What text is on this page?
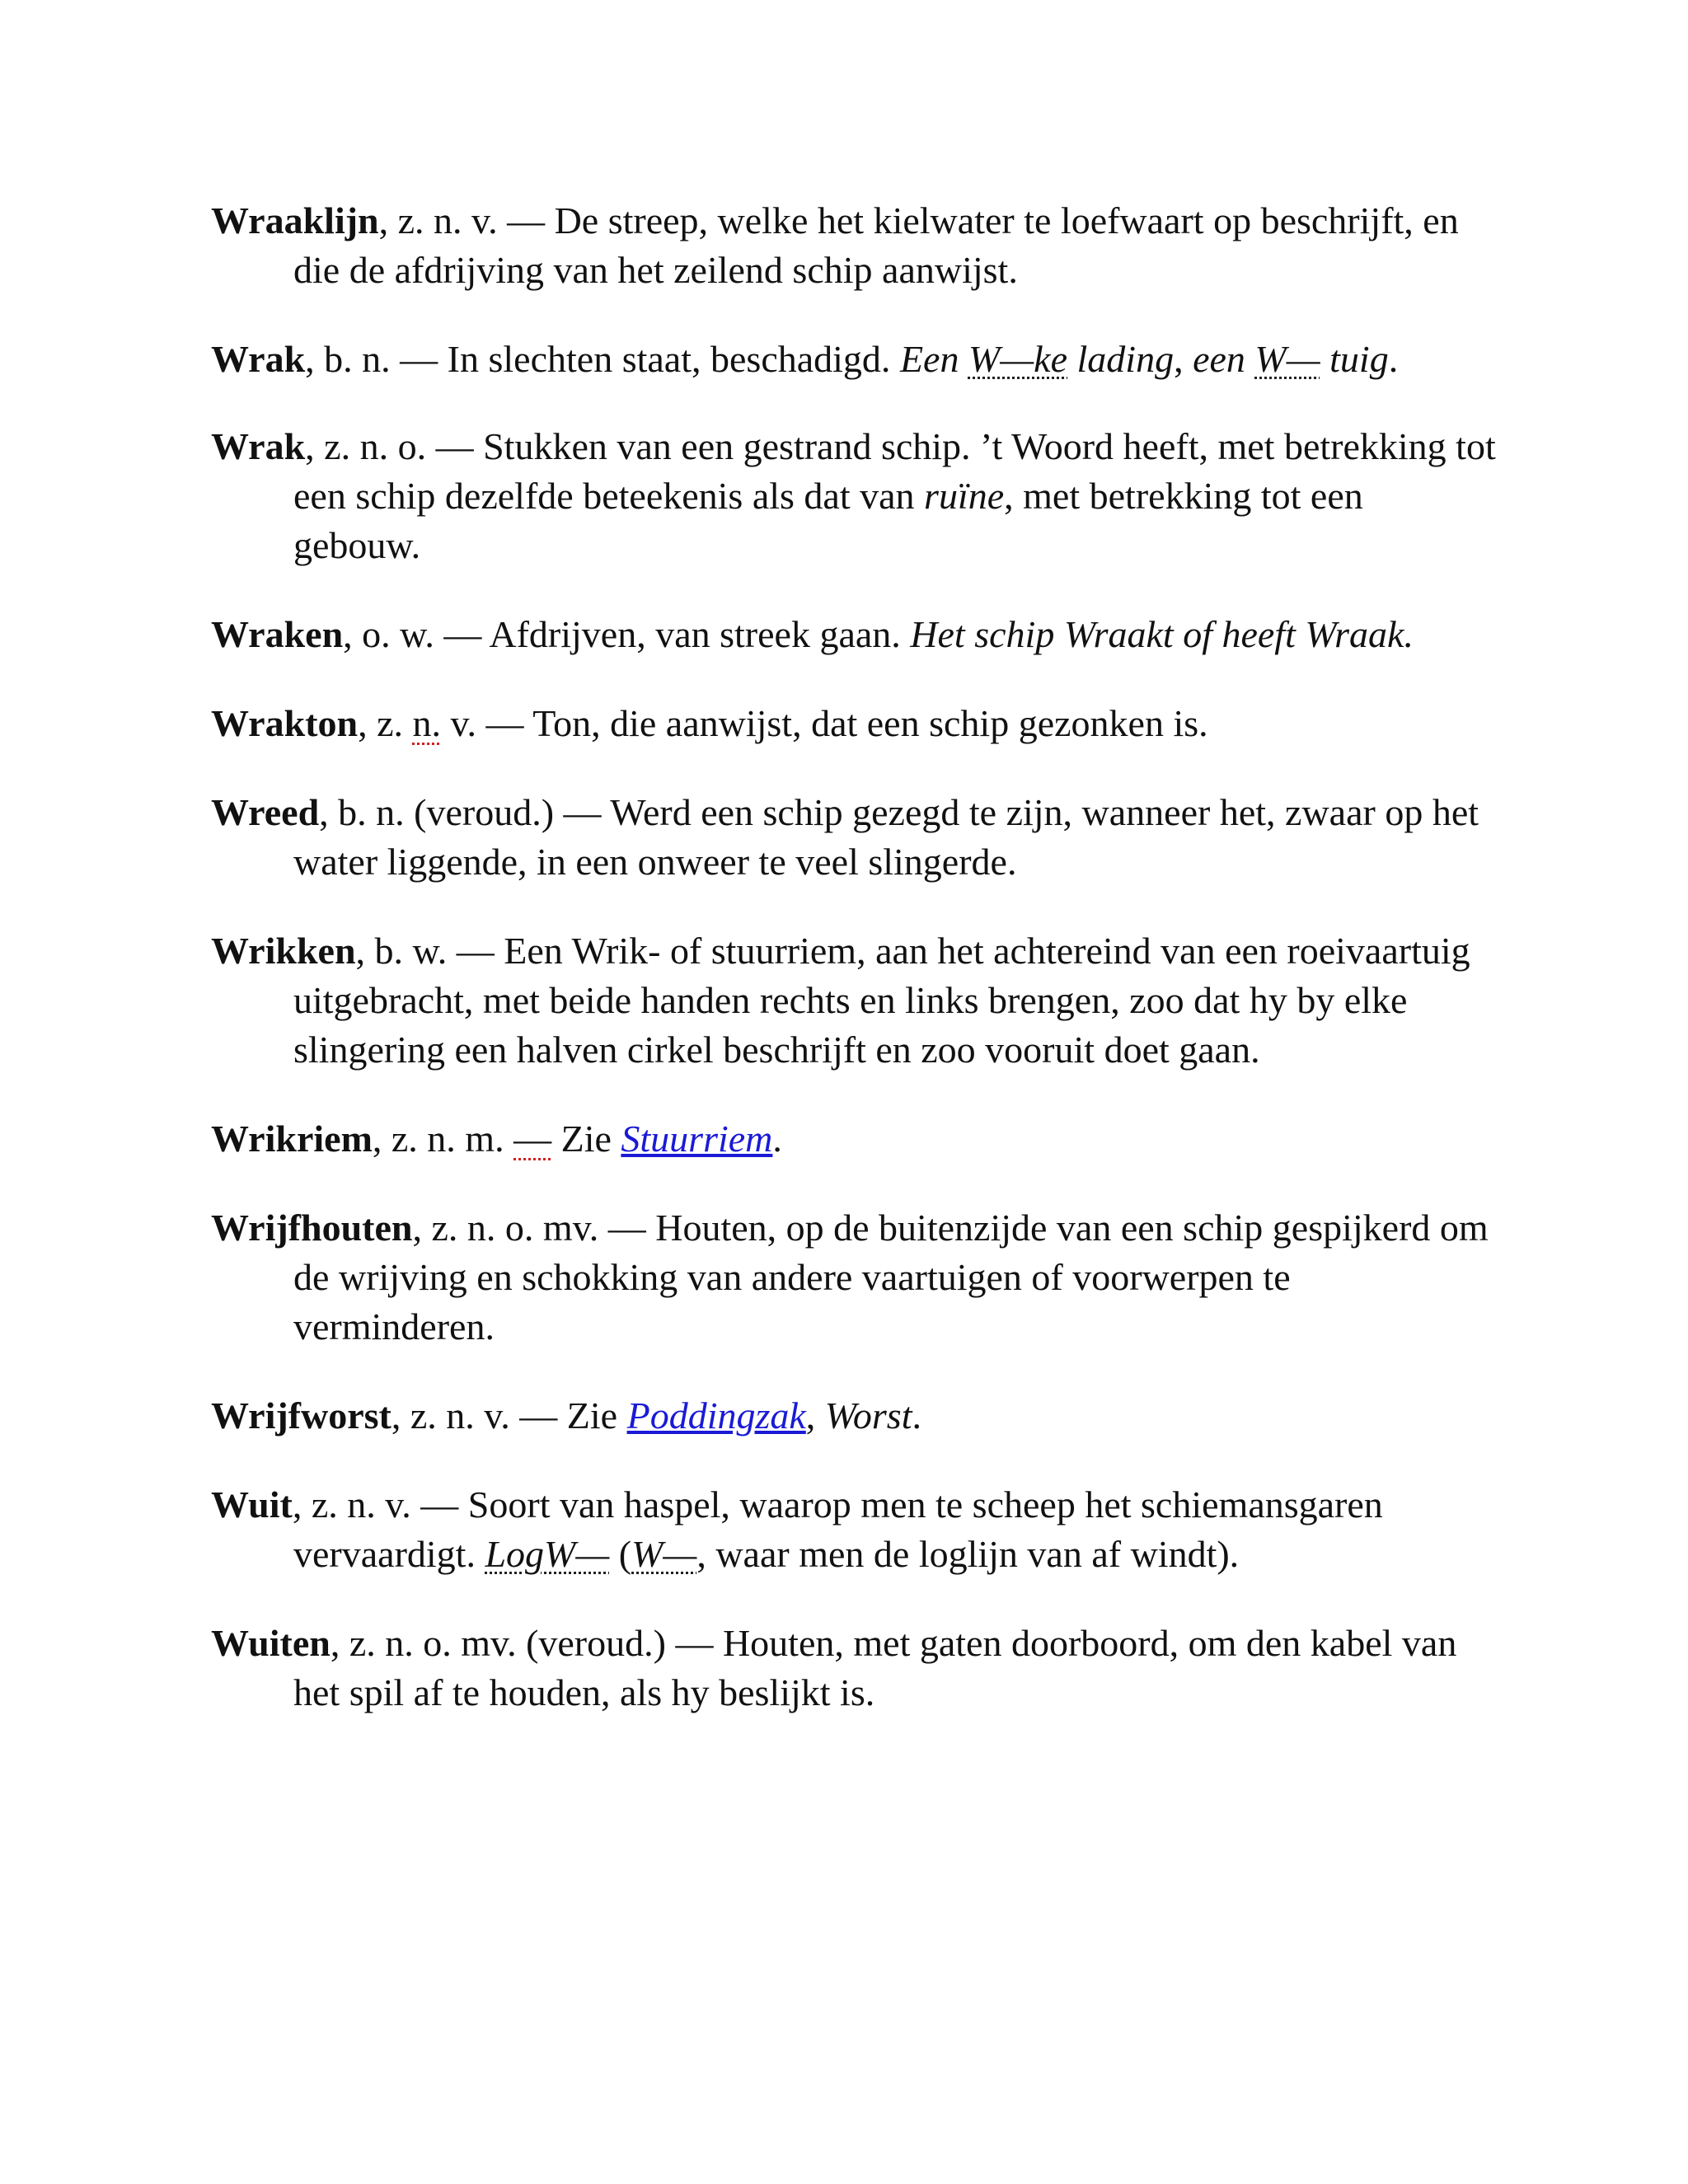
Wraaklijn, z. n. v. — De streep, welke het kielwater te loefwaart op beschrijft, en die de afdrijving van het zeilend schip aanwijst.

Wrak, b. n. — In slechten staat, beschadigd. Een W—ke lading, een W— tuig.

Wrak, z. n. o. — Stukken van een gestrand schip. ’t Woord heeft, met betrekking tot een schip dezelfde beteekenis als dat van ruïne, met betrekking tot een gebouw.

Wraken, o. w. — Afdrijven, van streek gaan. Het schip Wraakt of heeft Wraak.

Wrakton, z. n. v. — Ton, die aanwijst, dat een schip gezonken is.

Wreed, b. n. (veroud.) — Werd een schip gezegd te zijn, wanneer het, zwaar op het water liggende, in een onweer te veel slingerde.

Wrikken, b. w. — Een Wrik- of stuurriem, aan het achtereind van een roeivaartuig uitgebracht, met beide handen rechts en links brengen, zoo dat hy by elke slingering een halven cirkel beschrijft en zoo vooruit doet gaan.

Wrikriem, z. n. m. — Zie Stuurriem.

Wrijfhouten, z. n. o. mv. — Houten, op de buitenzijde van een schip gespijkerd om de wrijving en schokking van andere vaartuigen of voorwerpen te verminderen.

Wrijfworst, z. n. v. — Zie Poddingzak, Worst.

Wuit, z. n. v. — Soort van haspel, waarop men te scheep het schiemansgaren vervaardigt. LogW— (W—, waar men de loglijn van af windt).

Wuiten, z. n. o. mv. (veroud.) — Houten, met gaten doorboord, om den kabel van het spil af te houden, als hy beslijkt is.
